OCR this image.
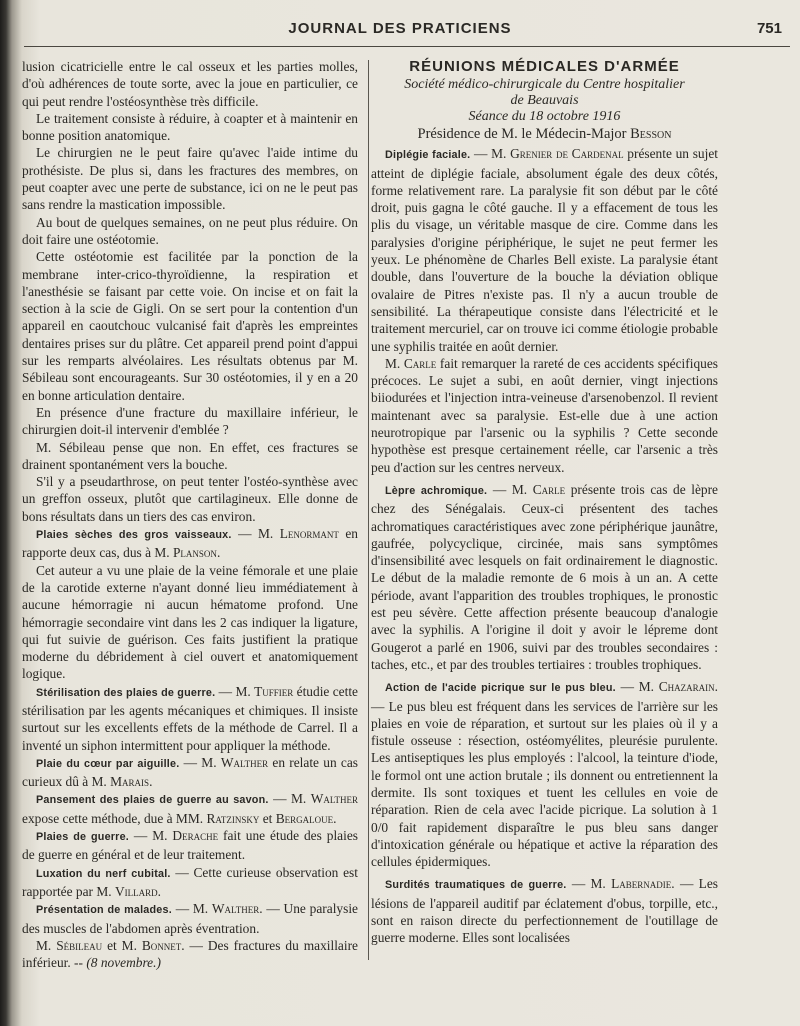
JOURNAL DES PRATICIENS	751

lusion cicatricielle entre le cal osseux et les parties molles, d'où adhérences de toute sorte, avec la joue en particulier, ce qui peut rendre l'ostéosynthèse très difficile.

Le traitement consiste à réduire, à coapter et à maintenir en bonne position anatomique.

Le chirurgien ne le peut faire qu'avec l'aide intime du prothésiste. De plus si, dans les fractures des membres, on peut coapter avec une perte de substance, ici on ne le peut pas sans rendre la mastication impossible.

Au bout de quelques semaines, on ne peut plus réduire. On doit faire une ostéotomie.

Cette ostéotomie est facilitée par la ponction de la membrane inter-crico-thyroïdienne, la respiration et l'anesthésie se faisant par cette voie. On incise et on fait la section à la scie de Gigli. On se sert pour la contention d'un appareil en caoutchouc vulcanisé fait d'après les empreintes dentaires prises sur du plâtre. Cet appareil prend point d'appui sur les remparts alvéolaires. Les résultats obtenus par M. Sébileau sont encourageants. Sur 30 ostéotomies, il y en a 20 en bonne articulation dentaire.

En présence d'une fracture du maxillaire inférieur, le chirurgien doit-il intervenir d'emblée ?

M. Sébileau pense que non. En effet, ces fractures se drainent spontanément vers la bouche.

S'il y a pseudarthrose, on peut tenter l'ostéo-synthèse avec un greffon osseux, plutôt que cartilagineux. Elle donne de bons résultats dans un tiers des cas environ.

Plaies sèches des gros vaisseaux. — M. Lenormant en rapporte deux cas, dus à M. Planson.

Cet auteur a vu une plaie de la veine fémorale et une plaie de la carotide externe n'ayant donné lieu immédiatement à aucune hémorragie ni aucun hématome profond. Une hémorragie secondaire vint dans les 2 cas indiquer la ligature, qui fut suivie de guérison. Ces faits justifient la pratique moderne du débridement à ciel ouvert et anatomiquement logique.

Stérilisation des plaies de guerre. — M. Tuffier étudie cette stérilisation par les agents mécaniques et chimiques. Il insiste surtout sur les excellents effets de la méthode de Carrel. Il a inventé un siphon intermittent pour appliquer la méthode.

Plaie du cœur par aiguille. — M. Walther en relate un cas curieux dû à M. Marais.

Pansement des plaies de guerre au savon. — M. Walther expose cette méthode, due à MM. Ratzinsky et Bergaloue.

Plaies de guerre. — M. Derache fait une étude des plaies de guerre en général et de leur traitement.

Luxation du nerf cubital. — Cette curieuse observation est rapportée par M. Villard.

Présentation de malades. — M. Walther. — Une paralysie des muscles de l'abdomen après éventration.

M. Sébileau et M. Bonnet. — Des fractures du maxillaire inférieur. -- (8 novembre.)

RÉUNIONS MÉDICALES D'ARMÉE
Société médico-chirurgicale du Centre hospitalier
de Beauvais
Séance du 18 octobre 1916
Présidence de M. le Médecin-Major Besson

Diplégie faciale. — M. Grenier de Cardenal présente un sujet atteint de diplégie faciale, absolument égale des deux côtés, forme relativement rare. La paralysie fit son début par le côté droit, puis gagna le côté gauche. Il y a effacement de tous les plis du visage, un véritable masque de cire. Comme dans les paralysies d'origine périphérique, le sujet ne peut fermer les yeux. Le phénomène de Charles Bell existe. La paralysie étant double, dans l'ouverture de la bouche la déviation oblique ovalaire de Pitres n'existe pas. Il n'y a aucun trouble de sensibilité. La thérapeutique consiste dans l'électricité et le traitement mercuriel, car on trouve ici comme étiologie probable une syphilis traitée en août dernier.

M. Carle fait remarquer la rareté de ces accidents spécifiques précoces. Le sujet a subi, en août dernier, vingt injections biiodurées et l'injection intra-veineuse d'arsenobenzol. Il revient maintenant avec sa paralysie. Est-elle due à une action neurotropique par l'arsenic ou la syphilis ? Cette seconde hypothèse est presque certainement réelle, car l'arsenic a très peu d'action sur les centres nerveux.

Lèpre achromique. — M. Carle présente trois cas de lèpre chez des Sénégalais. Ceux-ci présentent des taches achromatiques caractéristiques avec zone périphérique jaunâtre, gaufrée, polycyclique, circinée, mais sans symptômes d'insensibilité avec lesquels on fait ordinairement le diagnostic. Le début de la maladie remonte de 6 mois à un an. A cette période, avant l'apparition des troubles trophiques, le pronostic est peu sévère. Cette affection présente beaucoup d'analogie avec la syphilis. A l'origine il doit y avoir le lépreme dont Gougerot a parlé en 1906, suivi par des troubles secondaires : taches, etc., et par des troubles tertiaires : troubles trophiques.

Action de l'acide picrique sur le pus bleu. — M. Chazarain. — Le pus bleu est fréquent dans les services de l'arrière sur les plaies en voie de réparation, et surtout sur les plaies où il y a fistule osseuse : résection, ostéomyélites, pleurésie purulente. Les antiseptiques les plus employés : l'alcool, la teinture d'iode, le formol ont une action brutale ; ils donnent ou entretiennent la dermite. Ils sont toxiques et tuent les cellules en voie de réparation. Rien de cela avec l'acide picrique. La solution à 1 0/0 fait rapidement disparaître le pus bleu sans danger d'intoxication générale ou hépatique et active la réparation des cellules épidermiques.

Surdités traumatiques de guerre. — M. Labernadie. — Les lésions de l'appareil auditif par éclatement d'obus, torpille, etc., sont en raison directe du perfectionnement de l'outillage de guerre moderne. Elles sont localisées
